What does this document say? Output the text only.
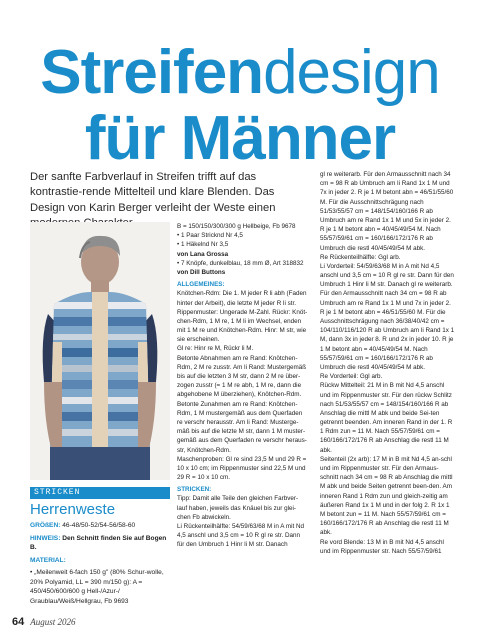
Streifendesign
für Männer
Der sanfte Farbverlauf in Streifen trifft auf das kontrastie-rende Mittelteil und klare Blenden. Das Design von Karin Berger verleiht der Weste einen
STRICKEN
Herrenweste

GRÖßEN: 46-48/50-52/54-56/58-60

HINWEIS: Den Schnitt finden Sie auf Bogen B.

MATERIAL:

• „Meilenweit 6-fach 150 g" (80% Schur-wolle, 20% Polyamid, LL = 390 m/150 g): A = 450/450/600/600 g Hell-/Azur-/ Graublau/Weiß/Hellgrau, Fb 9693

B = 150/150/300/300 g Hellbeige, Fb 9678

• 1 Paar Stricknd Nr 4,5

• 1 Häkelnd Nr 3,5

von Lana Grossa

• 7 Knöpfe, dunkelblau, 18 mm Ø, Art 318832

von Dill Buttons

ALLGEMEINES:

Knötchen-Rdm: Die 1. M jeder R li abh (Faden hinter der Arbeit), die letzte M jeder R li str.

Rippenmuster: Ungerade M-Zahl. Rückr: Knöt-chen-Rdm, 1 M re, 1 M li im Wechsel, enden mit 1 M re und Knötchen-Rdm. Hinr: M str, wie sie erscheinen.

Gl re: Hinr re M, Rückr li M.

Betonte Abnahmen am re Rand: Knötchen-Rdm, 2 M re zusstr. Am li Rand: Mustergemäß bis auf die letzten 3 M str, dann 2 M re über-zogen zusstr (= 1 M re abh, 1 M re, dann die abgehobene M überziehen), Knötchen-Rdm.

Betonte Zunahmen am re Rand: Knötchen-Rdm, 1 M mustergemäß aus dem Querfaden re verschr herausstr. Am li Rand: Musterge-mäß bis auf die letzte M str, dann 1 M muster-gemäß aus dem Querfaden re verschr heraus-str, Knötchen-Rdm.

Maschenproben: Gl re sind 23,5 M und 29 R = 10 x 10 cm; im Rippenmuster sind 22,5 M und 29 R = 10 x 10 cm.

STRICKEN:

Tipp: Damit alle Teile den gleichen Farbver-lauf haben, jeweils das Knäuel bis zur glei-chen Fb abwickeln.

Li Rückenteilhälfte: 54/59/63/68 M in A mit Nd 4,5 anschl und 3,5 cm = 10 R gl re str. Dann für den Umbruch 1 Hinr li M str. Danach

gl re weiterarb. Für den Armausschnitt nach 34 cm = 98 R ab Umbruch am li Rand 1x 1 M und 7x in jeder 2. R je 1 M betont abn = 46/51/55/60 M. Für die Ausschnittschrägung nach 51/53/55/57 cm = 148/154/160/166 R ab Umbruch am re Rand 1x 1 M und 5x in jeder 2. R je 1 M betont abn = 40/45/49/54 M. Nach 55/57/59/61 cm = 160/166/172/176 R ab Umbruch die restl 40/45/49/54 M abk.

Re Rückenteilhälfte: Ggl arb.

Li Vorderteil: 54/59/63/68 M in A mit Nd 4,5 anschl und 3,5 cm = 10 R gl re str. Dann für den Umbruch 1 Hinr li M str. Danach gl re weiterarb. Für den Armausschnitt nach 34 cm = 98 R ab Umbruch am re Rand 1x 1 M und 7x in jeder 2. R je 1 M betont abn = 46/51/55/60 M. Für die Ausschnittschrägung nach 36/38/40/42 cm = 104/110/116/120 R ab Umbruch am li Rand 1x 1 M, dann 3x in jeder 8. R und 2x in jeder 10. R je 1 M betont abn = 40/45/49/54 M. Nach 55/57/59/61 cm = 160/166/172/176 R ab Umbruch die restl 40/45/49/54 M abk.

Re Vorderteil: Ggl arb.

Rückw Mittelteil: 21 M in B mit Nd 4,5 anschl und im Rippenmuster str. Für den rückw Schlitz nach 51/53/55/57 cm = 148/154/160/166 R ab Anschlag die mittl M abk und beide Sei-ten getrennt beenden. Am inneren Rand in der 1. R 1 Rdm zun = 11 M. Nach 55/57/59/61 cm = 160/166/172/176 R ab Anschlag die restl 11 M abk.

Seitenteil (2x arb): 17 M in B mit Nd 4,5 an-schl und im Rippenmuster str. Für den Armaus-schnitt nach 34 cm = 98 R ab Anschlag die mittl M abk und beide Seiten getrennt been-den. Am inneren Rand 1 Rdm zun und gleich-zeitig am äußeren Rand 1x 1 M und in der folg 2. R 1x 1 M betont zun = 11 M. Nach 55/57/59/61 cm = 160/166/172/176 R ab Anschlag die restl 11 M abk.

Re vord Blende: 13 M in B mit Nd 4,5 anschl und im Rippenmuster str. Nach 55/57/59/61

64 August 2026
